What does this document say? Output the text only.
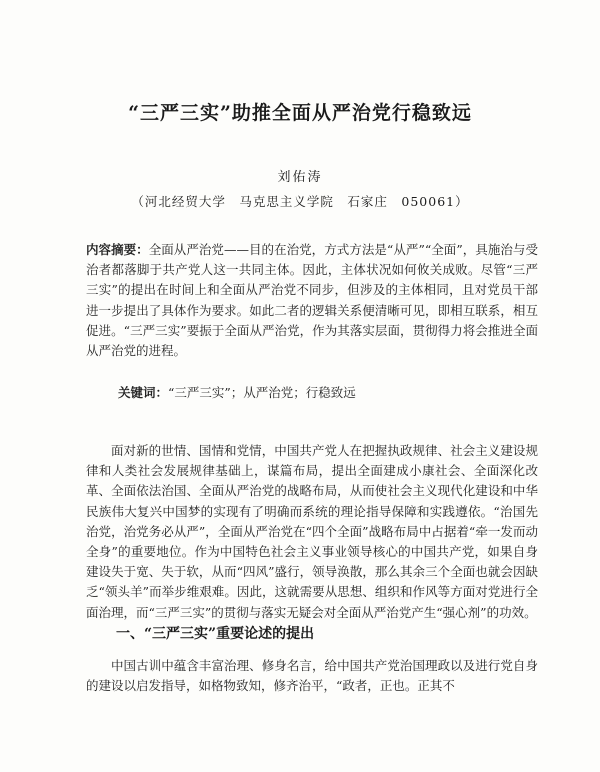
“三严三实”助推全面从严治党行稳致远
刘佑涛
（河北经贸大学　马克思主义学院　石家庄　050061）
内容摘要：全面从严治党——目的在治党，方式方法是“从严”“全面”，具施治与受治者都落脚于共产党人这一共同主体。因此，主体状况如何攸关成败。尽管“三严三实”的提出在时间上和全面从严治党不同步，但涉及的主体相同，且对党员干部进一步提出了具体作为要求。如此二者的逻辑关系便清晰可见，即相互联系，相互促进。“三严三实”要振于全面从严治党，作为其落实层面，贯彻得力将会推进全面从严治党的进程。
关键词：“三严三实”；从严治党；行稳致远

面对新的世情、国情和党情，中国共产党人在把握执政规律、社会主义建设规律和人类社会发展规律基础上，谋篇布局，提出全面建成小康社会、全面深化改革、全面依法治国、全面从严治党的战略布局，从而使社会主义现代化建设和中华民族伟大复兴中国梦的实现有了明确而系统的理论指导保障和实践遵依。“治国先治党，治党务必从严”，全面从严治党在“四个全面”战略布局中占据着“牵一发而动全身”的重要地位。作为中国特色社会主义事业领导核心的中国共产党，如果自身建设失于宽、失于软，从而“四风”盛行，领导涣散，那么其余三个全面也就会因缺乏“领头羊”而举步维艰难。因此，这就需要从思想、组织和作风等方面对党进行全面治理，而“三严三实”的贯彻与落实无疑会对全面从严治党产生“强心剂”的功效。

一、“三严三实”重要论述的提出

中国古训中蕴含丰富治理、修身名言，给中国共产党治国理政以及进行党自身的建设以启发指导，如格物致知，修齐治平，“政者，正也。正其不
